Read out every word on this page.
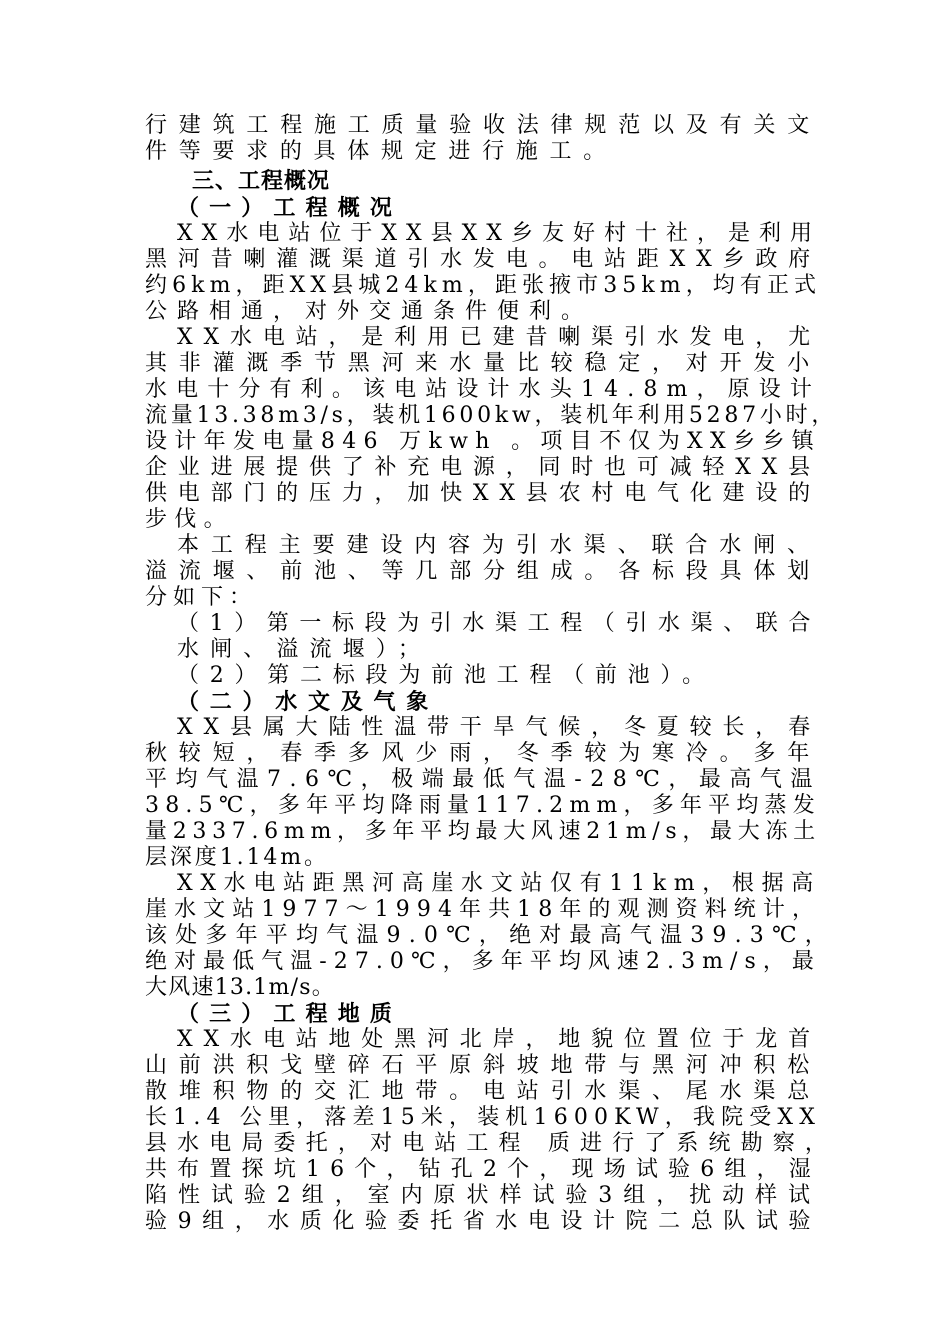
行建筑工程施工质量验收法律规范以及有关文
件等要求的具体规定进行施工。
三、工程概况
（一）工程概况
XX水电站位于XX县XX乡友好村十社，是利用
黑河昔喇灌溉渠道引水发电。电站距XX乡政府
约6km，距XX县城24km，距张掖市35km，均有正式
公路相通，对外交通条件便利。
XX水电站，是利用已建昔喇渠引水发电，尤
其非灌溉季节黑河来水量比较稳定，对开发小
水电十分有利。该电站设计水头14.8m，原设计
流量13.38m3/s，装机1600kw，装机年利用5287小时，
设计年发电量846 万kwh 。项目不仅为XX乡乡镇
企业进展提供了补充电源，同时也可减轻XX县
供电部门的压力，加快XX县农村电气化建设的
步伐。
本工程主要建设内容为引水渠、联合水闸、
溢流堰、前池、等几部分组成。各标段具体划
分如下：
（1）第一标段为引水渠工程（引水渠、联合
水闸、溢流堰）；
（2）第二标段为前池工程（前池）。
（二）水文及气象
XX县属大陆性温带干旱气候，冬夏较长，春
秋较短，春季多风少雨，冬季较为寒冷。多年
平均气温7.6℃，极端最低气温-28℃，最高气温
38.5℃，多年平均降雨量117.2mm，多年平均蒸发
量2337.6mm，多年平均最大风速21m/s，最大冻土
层深度1.14m。
XX水电站距黑河高崖水文站仅有11km，根据高
崖水文站1977～1994年共18年的观测资料统计，
该处多年平均气温9.0℃，绝对最高气温39.3℃，
绝对最低气温-27.0℃，多年平均风速2.3m/s，最
大风速13.1m/s。
（三）工程地质
XX水电站地处黑河北岸，地貌位置位于龙首
山前洪积戈壁碎石平原斜坡地带与黑河冲积松
散堆积物的交汇地带。电站引水渠、尾水渠总
长1.4 公里，落差15米，装机1600KW，我院受XX
县水电局委托，对电站工程 质进行了系统勘察，
共布置探坑16个，钻孔2个，现场试验6组，湿
陷性试验2组，室内原状样试验3组，扰动样试
验9组，水质化验委托省水电设计院二总队试验
